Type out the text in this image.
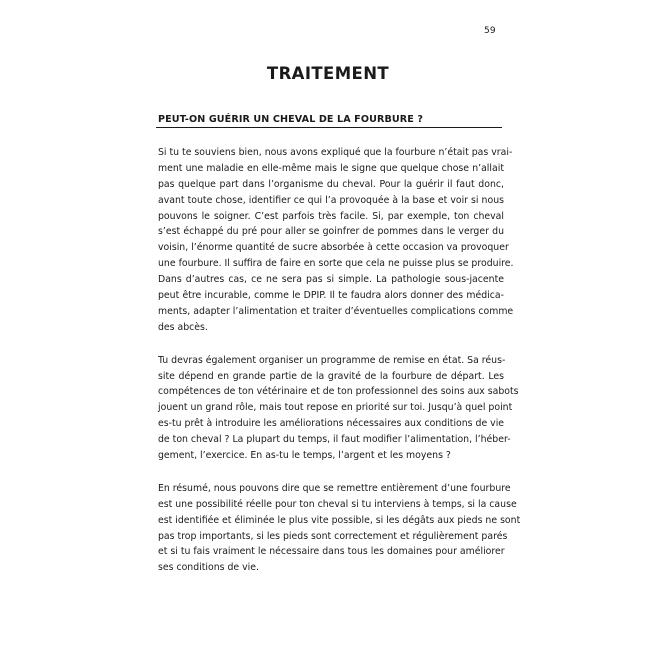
59
TRAITEMENT
PEUT-ON GUÉRIR UN CHEVAL DE LA FOURBURE ?

Si tu te souviens bien, nous avons expliqué que la fourbure n’était pas vrai-
ment une maladie en elle-même mais le signe que quelque chose n’allait
pas quelque part dans l’organisme du cheval. Pour la guérir il faut donc,
avant toute chose, identifier ce qui l’a provoquée à la base et voir si nous
pouvons le soigner. C’est parfois très facile. Si, par exemple, ton cheval
s’est échappé du pré pour aller se goinfrer de pommes dans le verger du
voisin, l’énorme quantité de sucre absorbée à cette occasion va provoquer
une fourbure. Il suffira de faire en sorte que cela ne puisse plus se produire.
Dans d’autres cas, ce ne sera pas si simple. La pathologie sous-jacente
peut être incurable, comme le DPIP. Il te faudra alors donner des médica-
ments, adapter l’alimentation et traiter d’éventuelles complications comme
des abcès.

Tu devras également organiser un programme de remise en état. Sa réus-
site dépend en grande partie de la gravité de la fourbure de départ. Les
compétences de ton vétérinaire et de ton professionnel des soins aux sabots
jouent un grand rôle, mais tout repose en priorité sur toi. Jusqu’à quel point
es-tu prêt à introduire les améliorations nécessaires aux conditions de vie
de ton cheval ? La plupart du temps, il faut modifier l’alimentation, l’héber-
gement, l’exercice. En as-tu le temps, l’argent et les moyens ?

En résumé, nous pouvons dire que se remettre entièrement d’une fourbure
est une possibilité réelle pour ton cheval si tu interviens à temps, si la cause
est identifiée et éliminée le plus vite possible, si les dégâts aux pieds ne sont
pas trop importants, si les pieds sont correctement et régulièrement parés
et si tu fais vraiment le nécessaire dans tous les domaines pour améliorer
ses conditions de vie.
